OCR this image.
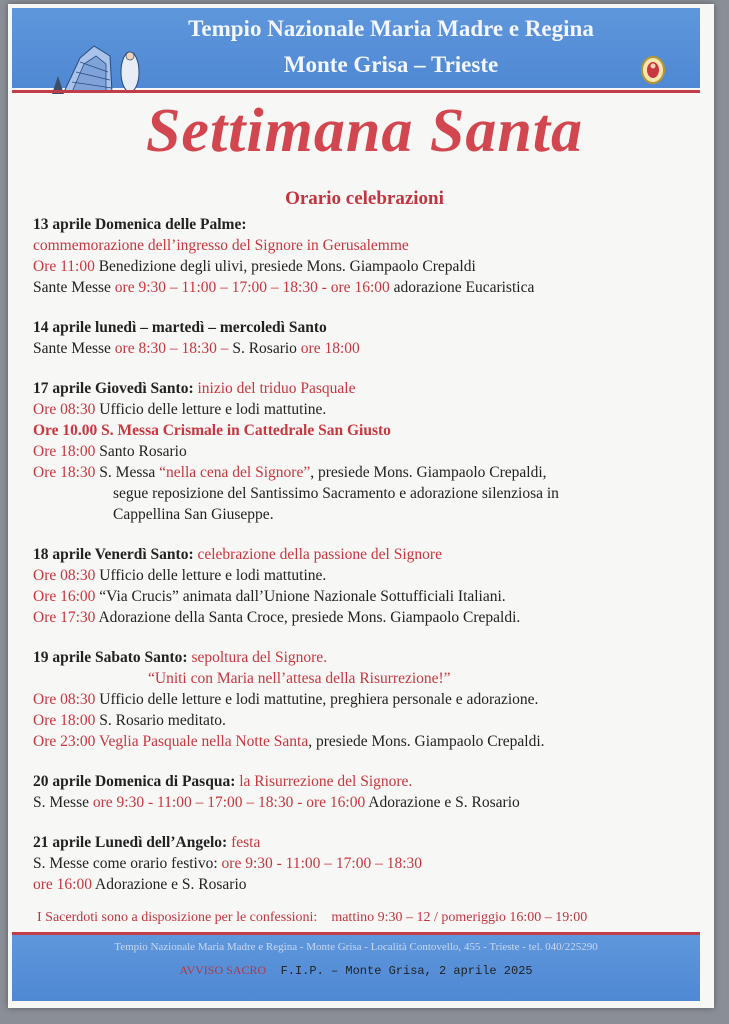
Tempio Nazionale Maria Madre e Regina
Monte Grisa – Trieste
Settimana Santa
Orario celebrazioni
13 aprile Domenica delle Palme:
commemorazione dell’ingresso del Signore in Gerusalemme
Ore 11:00 Benedizione degli ulivi, presiede Mons. Giampaolo Crepaldi
Sante Messe ore 9:30 – 11:00 – 17:00 – 18:30 - ore 16:00 adorazione Eucaristica
14 aprile lunedì – martedì – mercoledì Santo
Sante Messe ore 8:30 – 18:30 – S. Rosario ore 18:00
17 aprile Giovedì Santo: inizio del triduo Pasquale
Ore 08:30 Ufficio delle letture e lodi mattutine.
Ore 10.00 S. Messa Crismale in Cattedrale San Giusto
Ore 18:00 Santo Rosario
Ore 18:30 S. Messa “nella cena del Signore”, presiede Mons. Giampaolo Crepaldi,
segue reposizione del Santissimo Sacramento e adorazione silenziosa in
Cappellina San Giuseppe.
18 aprile Venerdì Santo: celebrazione della passione del Signore
Ore 08:30 Ufficio delle letture e lodi mattutine.
Ore 16:00 “Via Crucis” animata dall’Unione Nazionale Sottufficiali Italiani.
Ore 17:30 Adorazione della Santa Croce, presiede Mons. Giampaolo Crepaldi.
19 aprile Sabato Santo: sepoltura del Signore.
“Uniti con Maria nell’attesa della Risurrezione!”
Ore 08:30 Ufficio delle letture e lodi mattutine, preghiera personale e adorazione.
Ore 18:00 S. Rosario meditato.
Ore 23:00 Veglia Pasquale nella Notte Santa, presiede Mons. Giampaolo Crepaldi.
20 aprile Domenica di Pasqua: la Risurrezione del Signore.
S. Messe ore 9:30 - 11:00 – 17:00 – 18:30 - ore 16:00 Adorazione e S. Rosario
21 aprile Lunedì dell’Angelo: festa
S. Messe come orario festivo: ore 9:30 - 11:00 – 17:00 – 18:30
ore 16:00 Adorazione e S. Rosario
I Sacerdoti sono a disposizione per le confessioni:    mattino 9:30 – 12 / pomeriggio 16:00 – 19:00
Tempio Nazionale Maria Madre e Regina - Monte Grisa - Località Contovello, 455 - Trieste - tel. 040/225290
AVVISO SACRO  F.I.P. – Monte Grisa, 2 aprile 2025
